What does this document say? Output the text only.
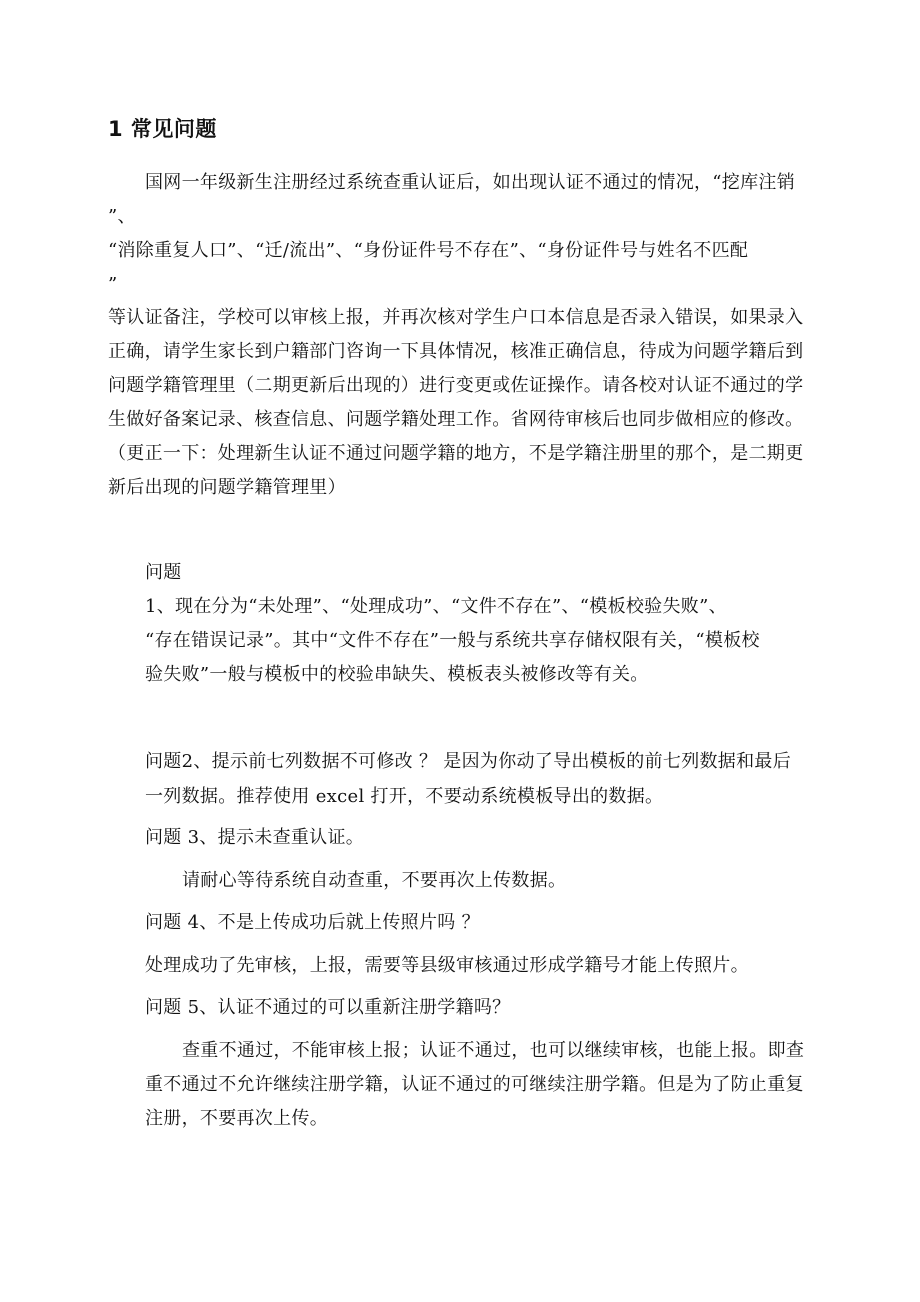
1 常见问题
国网一年级新生注册经过系统查重认证后，如出现认证不通过的情况，“挖库注销
”、
“消除重复人口”、“迁/流出”、“身份证件号不存在”、“身份证件号与姓名不匹配
”
等认证备注，学校可以审核上报，并再次核对学生户口本信息是否录入错误，如果录入
正确，请学生家长到户籍部门咨询一下具体情况，核准正确信息，待成为问题学籍后到
问题学籍管理里（二期更新后出现的）进行变更或佐证操作。请各校对认证不通过的学
生做好备案记录、核查信息、问题学籍处理工作。省网待审核后也同步做相应的修改。
（更正一下：处理新生认证不通过问题学籍的地方，不是学籍注册里的那个，是二期更
新后出现的问题学籍管理里）
问题
1、现在分为“未处理”、“处理成功”、“文件不存在”、“模板校验失败”、
“存在错误记录”。其中“文件不存在”一般与系统共享存储权限有关，“模板校
验失败”一般与模板中的校验串缺失、模板表头被修改等有关。
问题2、提示前七列数据不可修改 ？ 是因为你动了导出模板的前七列数据和最后
一列数据。推荐使用 excel 打开，不要动系统模板导出的数据。
问题 3、提示未查重认证。
请耐心等待系统自动查重，不要再次上传数据。
问题 4、不是上传成功后就上传照片吗 ？
处理成功了先审核，上报，需要等县级审核通过形成学籍号才能上传照片。
问题 5、认证不通过的可以重新注册学籍吗？
查重不通过，不能审核上报；认证不通过，也可以继续审核，也能上报。即查
重不通过不允许继续注册学籍，认证不通过的可继续注册学籍。但是为了防止重复
注册，不要再次上传。
